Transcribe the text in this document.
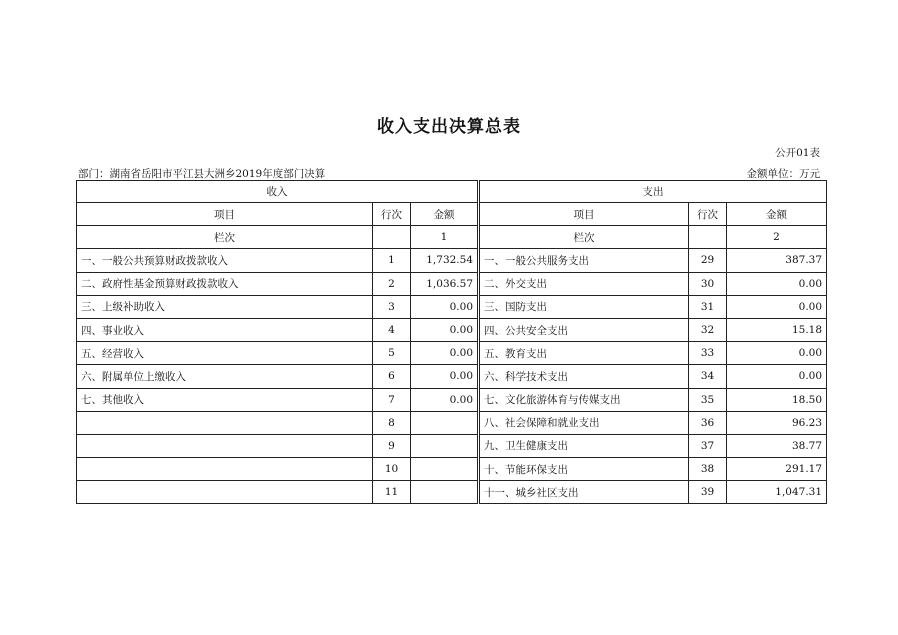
收入支出决算总表
公开01表
部门：湖南省岳阳市平江县大洲乡2019年度部门决算	金额单位：万元
收入			支出		
项目	行次	金额	项目	行次	金额
栏次		1	栏次		2
一、一般公共预算财政拨款收入	1	1,732.54	一、一般公共服务支出	29	387.37
二、政府性基金预算财政拨款收入	2	1,036.57	二、外交支出	30	0.00
三、上级补助收入	3	0.00	三、国防支出	31	0.00
四、事业收入	4	0.00	四、公共安全支出	32	15.18
五、经营收入	5	0.00	五、教育支出	33	0.00
六、附属单位上缴收入	6	0.00	六、科学技术支出	34	0.00
七、其他收入	7	0.00	七、文化旅游体育与传媒支出	35	18.50
	8		八、社会保障和就业支出	36	96.23
	9		九、卫生健康支出	37	38.77
	10		十、节能环保支出	38	291.17
	11		十一、城乡社区支出	39	1,047.31
